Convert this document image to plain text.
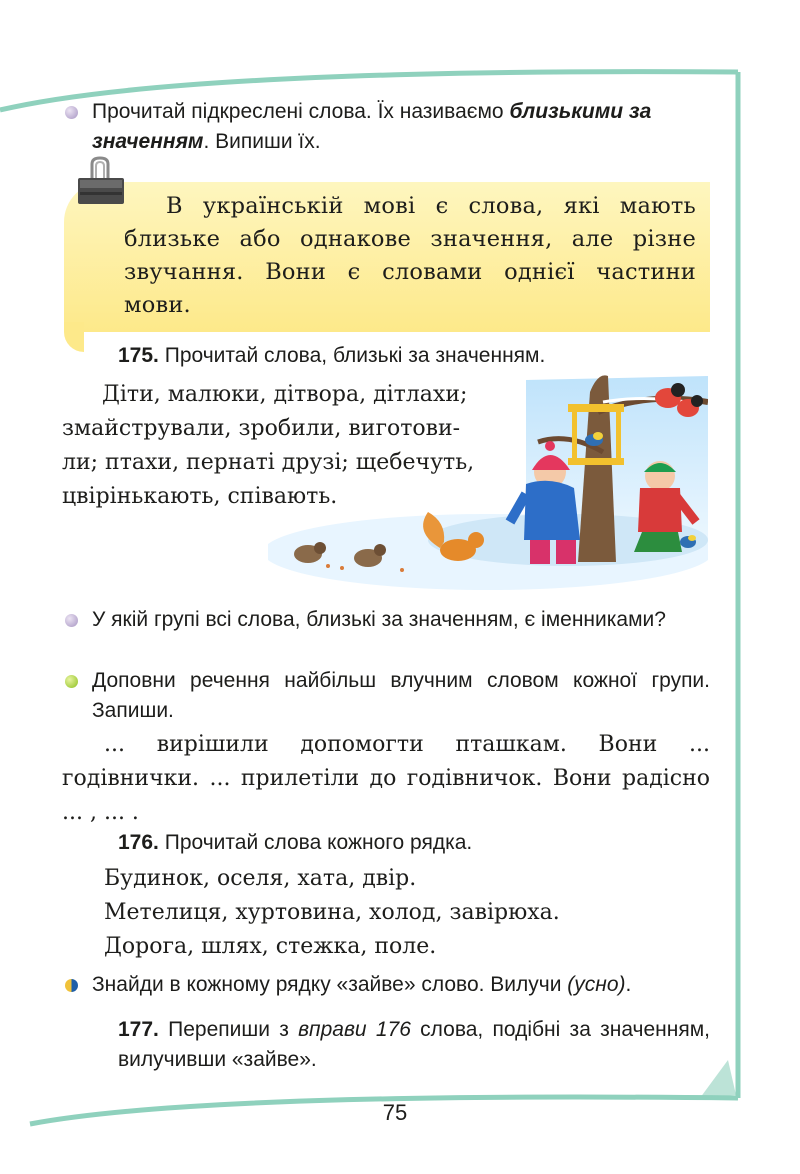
Прочитай підкреслені слова. Їх називаємо близькими за значенням. Випиши їх.
В українській мові є слова, які мають близьке або однакове значення, але різне звучання. Вони є словами однієї частини мови.
175. Прочитай слова, близькі за значенням.
Діти, малюки, дітвора, дітлахи;
змайстрували, зробили, виготови-
ли; птахи, пернаті друзі; щебечуть,
цвірінькають, співають.
У якій групі всі слова, близькі за значенням, є іменниками?
Доповни речення найбільш влучним словом кожної групи. Запиши.
... вирішили допомогти пташкам. Вони ... годівнички. ... прилетіли до годівничок. Вони радісно ... , ... .
176. Прочитай слова кожного рядка.
Будинок, оселя, хата, двір.
Метелиця, хуртовина, холод, завірюха.
Дорога, шлях, стежка, поле.
Знайди в кожному рядку «зайве» слово. Вилучи (усно).
177. Перепиши з вправи 176 слова, подібні за значенням, вилучивши «зайве».
75
